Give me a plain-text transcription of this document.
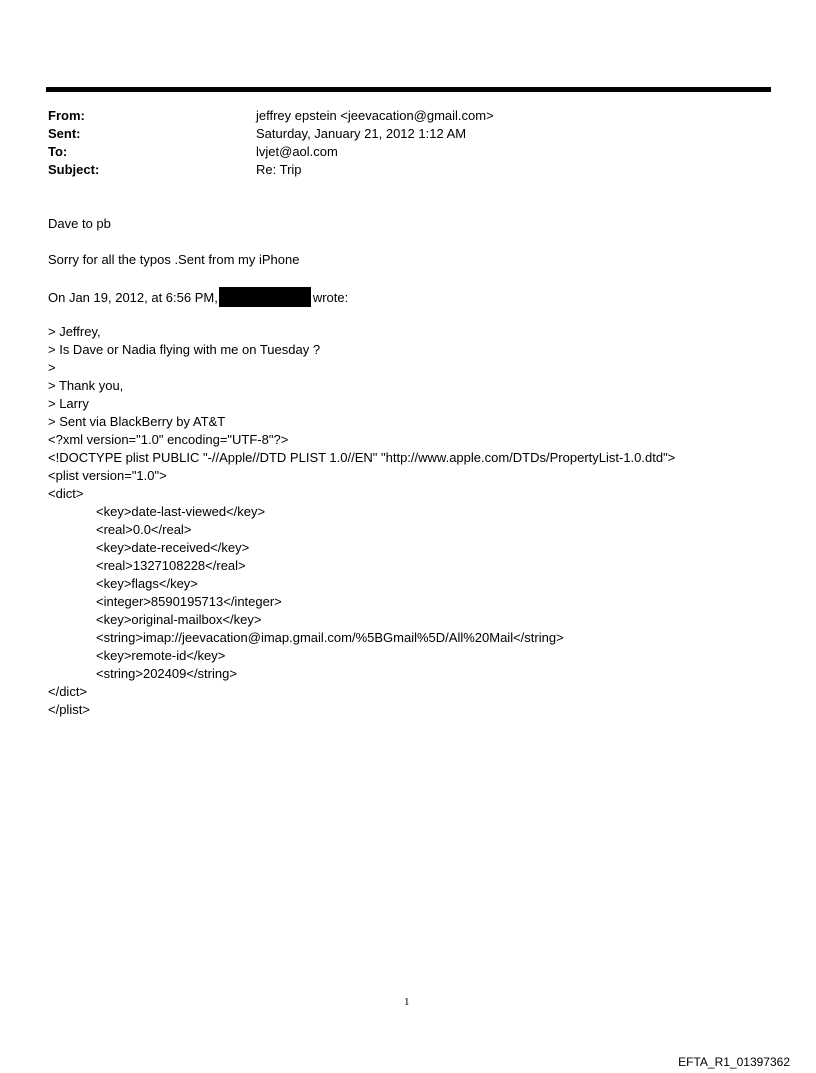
From:	jeffrey epstein <jeevacation@gmail.com>
Sent:	Saturday, January 21, 2012 1:12 AM
To:	lvjet@aol.com
Subject:	Re: Trip
Dave to pb
Sorry for all the typos .Sent from my iPhone
On Jan 19, 2012, at 6:56 PM,	wrote:
> Jeffrey,
> Is Dave or Nadia flying with me on Tuesday ?
>
> Thank you,
> Larry
> Sent via BlackBerry by AT&T
<?xml version="1.0" encoding="UTF-8"?>
<!DOCTYPE plist PUBLIC "-//Apple//DTD PLIST 1.0//EN" "http://www.apple.com/DTDs/PropertyList-1.0.dtd">
<plist version="1.0">
<dict>
<key>date-last-viewed</key>
<real>0.0</real>
<key>date-received</key>
<real>1327108228</real>
<key>flags</key>
<integer>8590195713</integer>
<key>original-mailbox</key>
<string>imap://jeevacation@imap.gmail.com/%5BGmail%5D/All%20Mail</string>
<key>remote-id</key>
<string>202409</string>
</dict>
</plist>
1
EFTA_R1_01397362
